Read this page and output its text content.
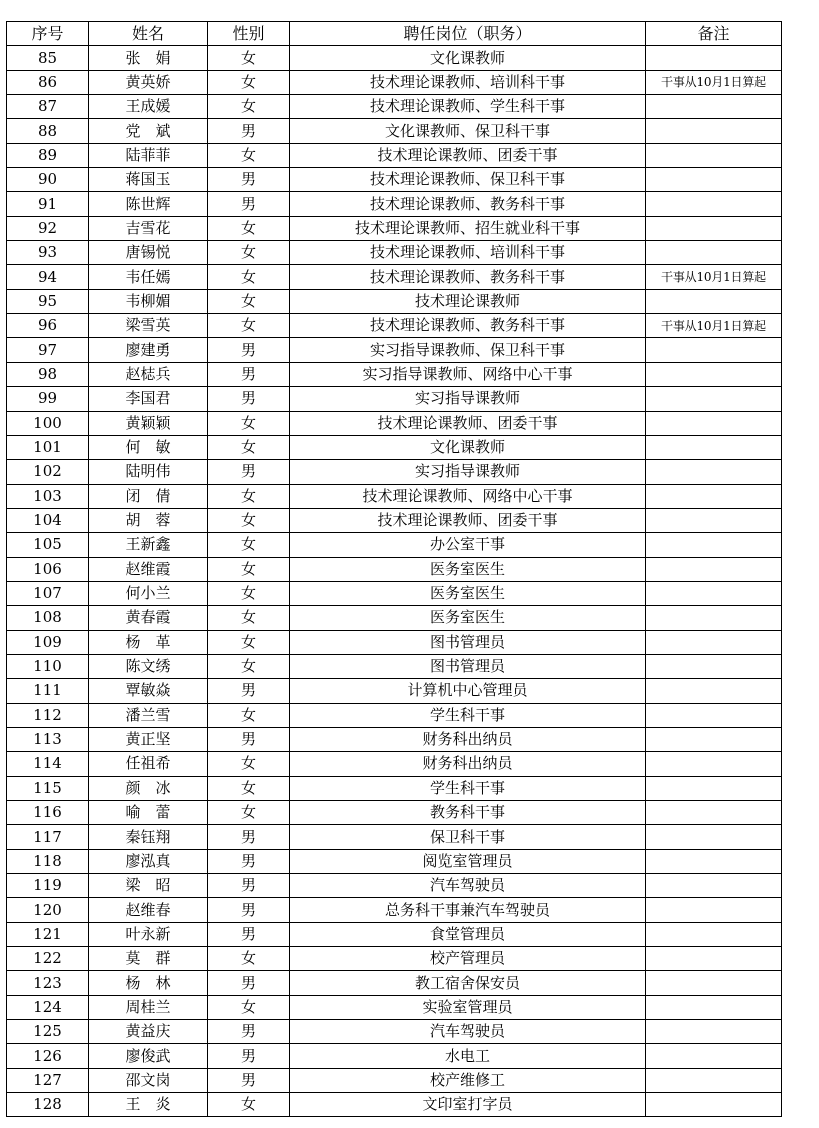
序号	姓名	性别	聘任岗位（职务）	备注
85	张　娟	女	文化课教师	
86	黄英娇	女	技术理论课教师、培训科干事	干事从10月1日算起
87	王成媛	女	技术理论课教师、学生科干事	
88	党　斌	男	文化课教师、保卫科干事	
89	陆菲菲	女	技术理论课教师、团委干事	
90	蒋国玉	男	技术理论课教师、保卫科干事	
91	陈世辉	男	技术理论课教师、教务科干事	
92	吉雪花	女	技术理论课教师、招生就业科干事	
93	唐锡悦	女	技术理论课教师、培训科干事	
94	韦任嫣	女	技术理论课教师、教务科干事	干事从10月1日算起
95	韦柳媚	女	技术理论课教师	
96	梁雪英	女	技术理论课教师、教务科干事	干事从10月1日算起
97	廖建勇	男	实习指导课教师、保卫科干事	
98	赵梽兵	男	实习指导课教师、网络中心干事	
99	李国君	男	实习指导课教师	
100	黄颖颖	女	技术理论课教师、团委干事	
101	何　敏	女	文化课教师	
102	陆明伟	男	实习指导课教师	
103	闭　倩	女	技术理论课教师、网络中心干事	
104	胡　蓉	女	技术理论课教师、团委干事	
105	王新鑫	女	办公室干事	
106	赵维霞	女	医务室医生	
107	何小兰	女	医务室医生	
108	黄春霞	女	医务室医生	
109	杨　革	女	图书管理员	
110	陈文绣	女	图书管理员	
111	覃敏焱	男	计算机中心管理员	
112	潘兰雪	女	学生科干事	
113	黄正坚	男	财务科出纳员	
114	任祖希	女	财务科出纳员	
115	颜　冰	女	学生科干事	
116	喻　蕾	女	教务科干事	
117	秦钰翔	男	保卫科干事	
118	廖泓真	男	阅览室管理员	
119	梁　昭	男	汽车驾驶员	
120	赵维春	男	总务科干事兼汽车驾驶员	
121	叶永新	男	食堂管理员	
122	莫　群	女	校产管理员	
123	杨　林	男	教工宿舍保安员	
124	周桂兰	女	实验室管理员	
125	黄益庆	男	汽车驾驶员	
126	廖俊武	男	水电工	
127	邵文岗	男	校产维修工	
128	王　炎	女	文印室打字员	
